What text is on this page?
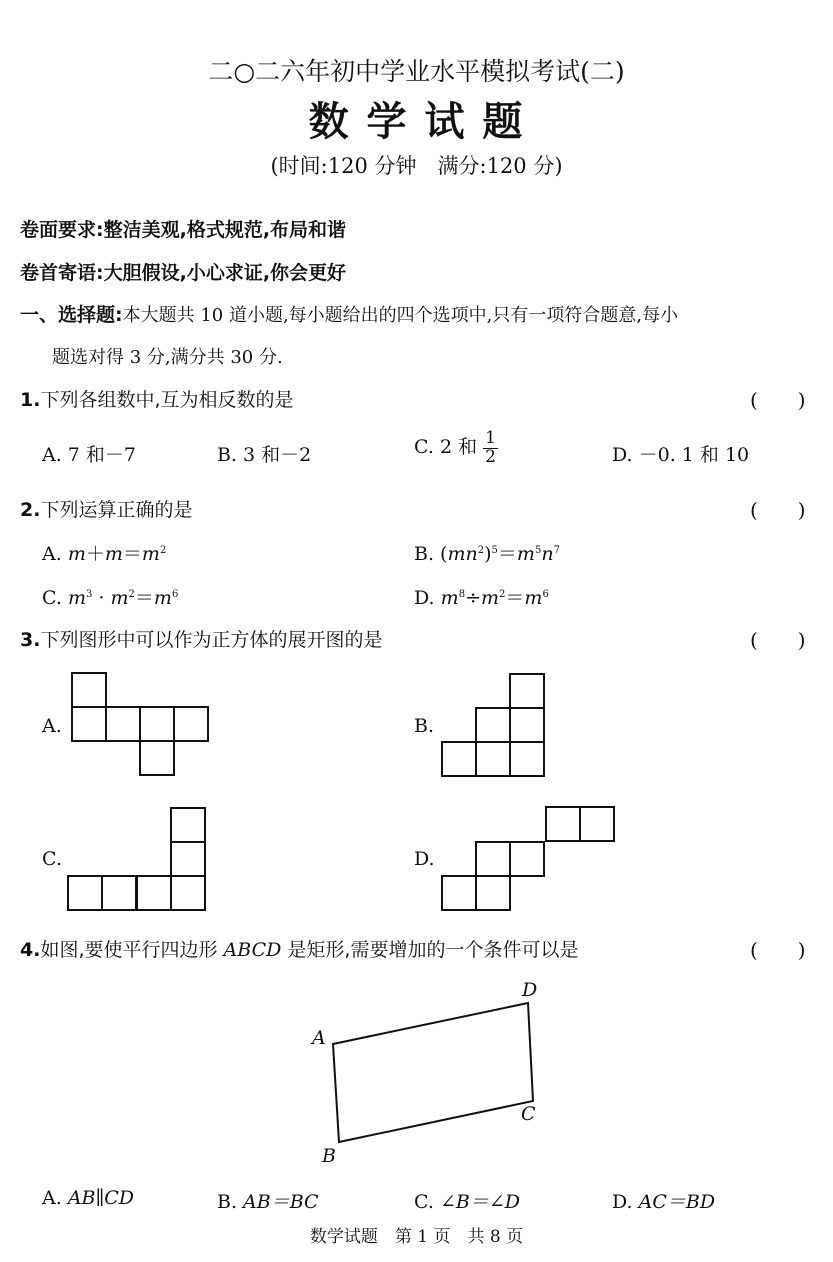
二○二六年初中学业水平模拟考试(二)
数 学 试 题
(时间:120 分钟　满分:120 分)
卷面要求:整洁美观,格式规范,布局和谐
卷首寄语:大胆假设,小心求证,你会更好
一、选择题:本大题共 10 道小题,每小题给出的四个选项中,只有一项符合题意,每小
题选对得 3 分,满分共 30 分.
1.下列各组数中,互为相反数的是	(　　)
A. 7 和－7	B. 3 和－2	C. 2 和 $\frac{1}{2}$	D. －0. 1 和 10
2.下列运算正确的是	(　　)
A. $m+m=m^2$	B. $(mn^2)^5=m^5n^7$
C. $m^3 \cdot m^2=m^6$	D. $m^8\div m^2=m^6$
3.下列图形中可以作为正方体的展开图的是	(　　)
A.	B.
C.	D.
4.如图,要使平行四边形 ABCD 是矩形,需要增加的一个条件可以是	(　　)
A
B
C
D
A. AB∥CD	B. AB＝BC	C. ∠B＝∠D	D. AC＝BD
数学试题　第 1 页　共 8 页
